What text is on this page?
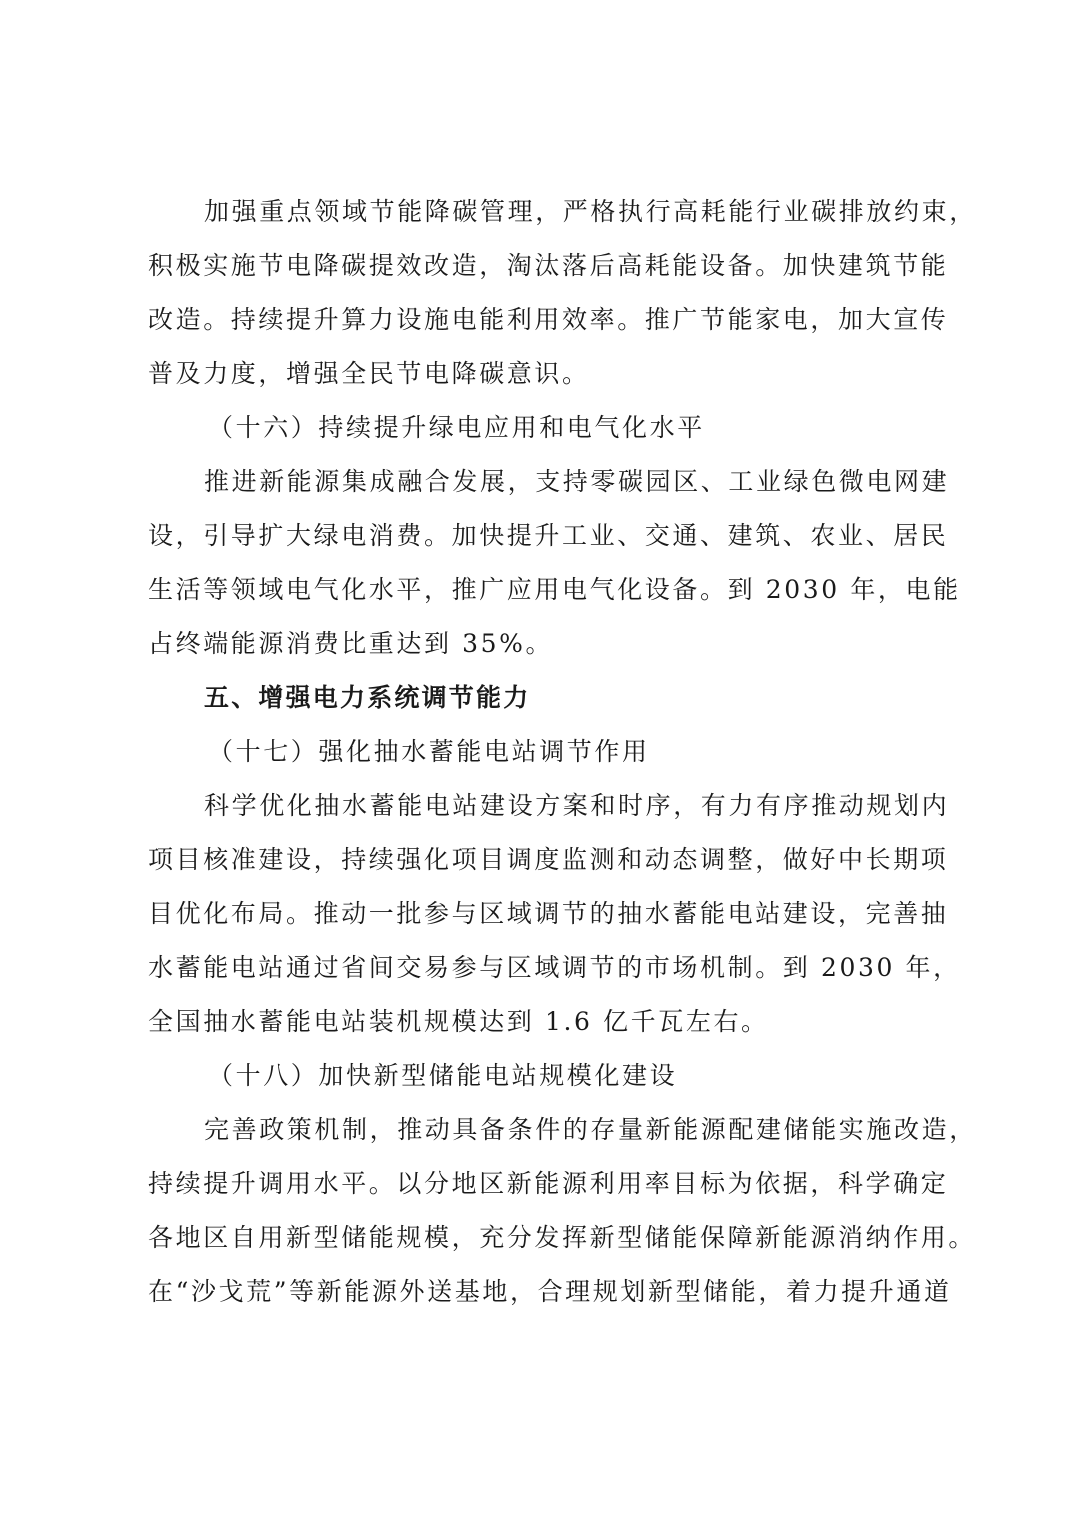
加强重点领域节能降碳管理，严格执行高耗能行业碳排放约束，
积极实施节电降碳提效改造，淘汰落后高耗能设备。加快建筑节能
改造。持续提升算力设施电能利用效率。推广节能家电，加大宣传
普及力度，增强全民节电降碳意识。
（十六）持续提升绿电应用和电气化水平
推进新能源集成融合发展，支持零碳园区、工业绿色微电网建
设，引导扩大绿电消费。加快提升工业、交通、建筑、农业、居民
生活等领域电气化水平，推广应用电气化设备。到 2030 年，电能
占终端能源消费比重达到 35%。
五、增强电力系统调节能力
（十七）强化抽水蓄能电站调节作用
科学优化抽水蓄能电站建设方案和时序，有力有序推动规划内
项目核准建设，持续强化项目调度监测和动态调整，做好中长期项
目优化布局。推动一批参与区域调节的抽水蓄能电站建设，完善抽
水蓄能电站通过省间交易参与区域调节的市场机制。到 2030 年，
全国抽水蓄能电站装机规模达到 1.6 亿千瓦左右。
（十八）加快新型储能电站规模化建设
完善政策机制，推动具备条件的存量新能源配建储能实施改造，
持续提升调用水平。以分地区新能源利用率目标为依据，科学确定
各地区自用新型储能规模，充分发挥新型储能保障新能源消纳作用。
在“沙戈荒”等新能源外送基地，合理规划新型储能，着力提升通道
